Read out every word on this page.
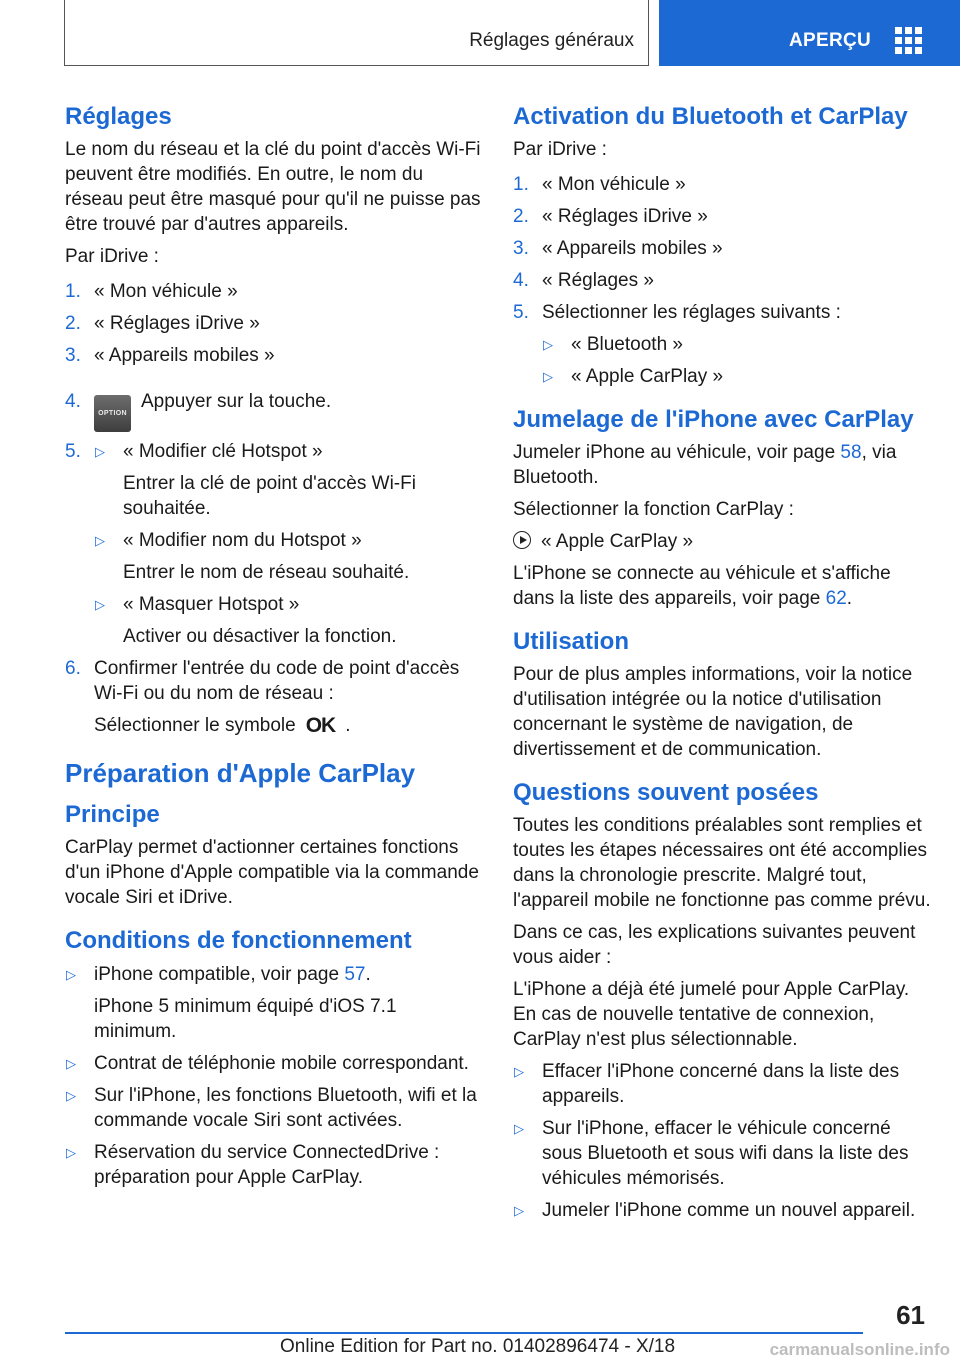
Réglages généraux	APERÇU
Réglages

Le nom du réseau et la clé du point d'accès Wi-Fi peuvent être modifiés. En outre, le nom du réseau peut être masqué pour qu'il ne puisse pas être trouvé par d'autres appareils.

Par iDrive :

1. « Mon véhicule »
2. « Réglages iDrive »
3. « Appareils mobiles »
4.
OPTIONAppuyer sur la touche.
5. ▷ « Modifier clé Hotspot »
Entrer la clé de point d'accès Wi-Fi souhaitée.
▷ « Modifier nom du Hotspot »
Entrer le nom de réseau souhaité.
▷ « Masquer Hotspot »
Activer ou désactiver la fonction.
6. Confirmer l'entrée du code de point d'accès Wi-Fi ou du nom de réseau :
Sélectionner le symbole OK .
Préparation d'Apple CarPlay
Principe

CarPlay permet d'actionner certaines fonctions d'un iPhone d'Apple compatible via la commande vocale Siri et iDrive.

Conditions de fonctionnement
▷ iPhone compatible, voir page 57.
iPhone 5 minimum équipé d'iOS 7.1 minimum.
▷ Contrat de téléphonie mobile correspondant.
▷ Sur l'iPhone, les fonctions Bluetooth, wifi et la commande vocale Siri sont activées.
▷ Réservation du service ConnectedDrive : préparation pour Apple CarPlay.
Activation du Bluetooth et CarPlay

Par iDrive :

1. « Mon véhicule »
2. « Réglages iDrive »
3. « Appareils mobiles »
4. « Réglages »
5. Sélectionner les réglages suivants :
▷ « Bluetooth »
▷ « Apple CarPlay »
Jumelage de l'iPhone avec CarPlay

Jumeler iPhone au véhicule, voir page 58, via Bluetooth.

Sélectionner la fonction CarPlay :

« Apple CarPlay »

L'iPhone se connecte au véhicule et s'affiche dans la liste des appareils, voir page 62.

Utilisation

Pour de plus amples informations, voir la notice d'utilisation intégrée ou la notice d'utilisation concernant le système de navigation, de divertissement et de communication.

Questions souvent posées

Toutes les conditions préalables sont remplies et toutes les étapes nécessaires ont été accomplies dans la chronologie prescrite. Malgré tout, l'appareil mobile ne fonctionne pas comme prévu.

Dans ce cas, les explications suivantes peuvent vous aider :

L'iPhone a déjà été jumelé pour Apple CarPlay. En cas de nouvelle tentative de connexion, CarPlay n'est plus sélectionnable.

▷ Effacer l'iPhone concerné dans la liste des appareils.
▷ Sur l'iPhone, effacer le véhicule concerné sous Bluetooth et sous wifi dans la liste des véhicules mémorisés.
▷ Jumeler l'iPhone comme un nouvel appareil.
61
Online Edition for Part no. 01402896474 - X/18	carmanualsonline.info
